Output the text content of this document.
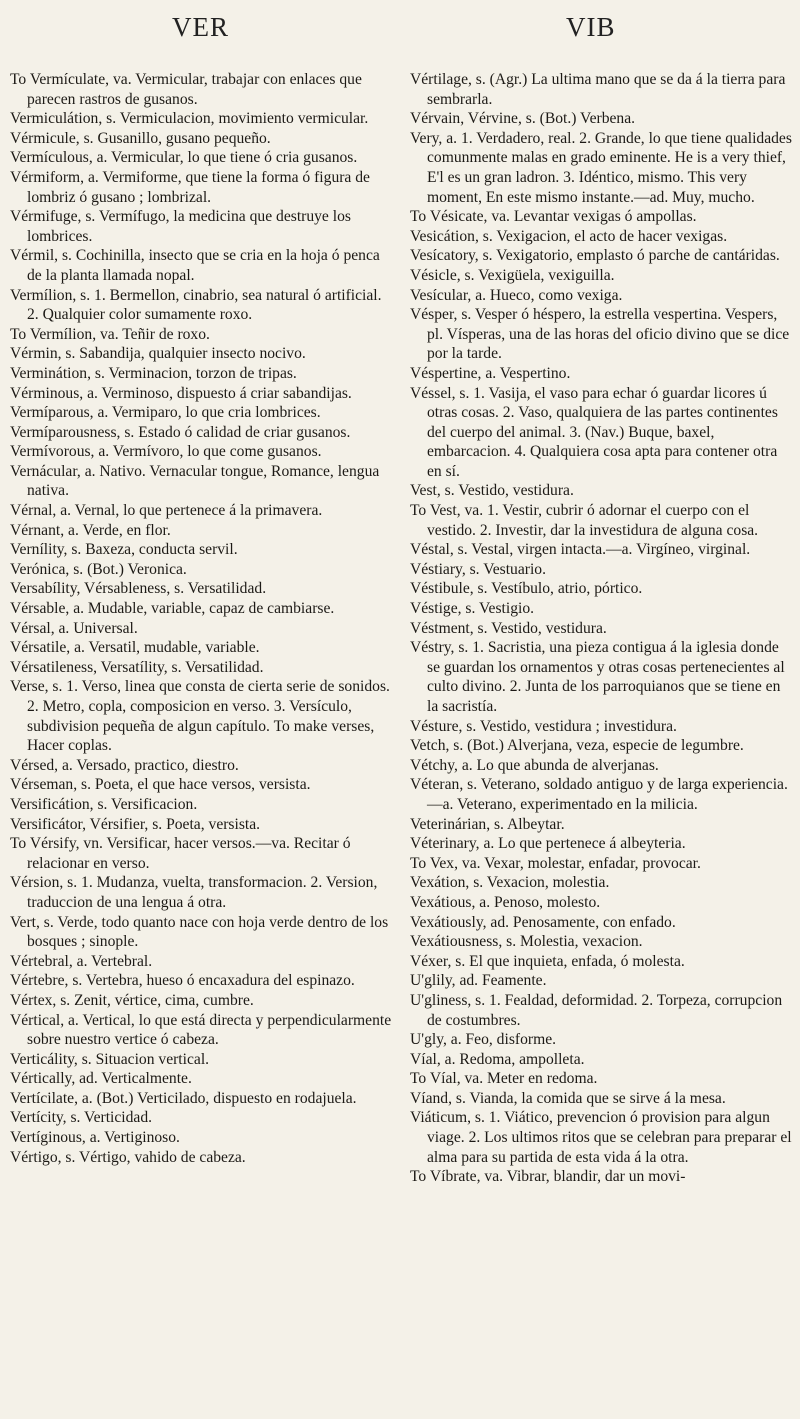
VER	VIB

To Vermículate, va. Vermicular, trabajar con enlaces que parecen rastros de gusanos.

Vermiculátion, s. Vermiculacion, movimiento vermicular.

Vérmicule, s. Gusanillo, gusano pequeño.

Vermículous, a. Vermicular, lo que tiene ó cria gusanos.

Vérmiform, a. Vermiforme, que tiene la forma ó figura de lombriz ó gusano ; lombrizal.

Vérmifuge, s. Vermífugo, la medicina que destruye los lombrices.

Vérmil, s. Cochinilla, insecto que se cria en la hoja ó penca de la planta llamada nopal.

Vermílion, s. 1. Bermellon, cinabrio, sea natural ó artificial. 2. Qualquier color sumamente roxo.

To Vermílion, va. Teñir de roxo.

Vérmin, s. Sabandija, qualquier insecto nocivo.

Verminátion, s. Verminacion, torzon de tripas.

Vérminous, a. Verminoso, dispuesto á criar sabandijas.

Vermíparous, a. Vermiparo, lo que cria lombrices.

Vermíparousness, s. Estado ó calidad de criar gusanos.

Vermívorous, a. Vermívoro, lo que come gusanos.

Vernácular, a. Nativo. Vernacular tongue, Romance, lengua nativa.

Vérnal, a. Vernal, lo que pertenece á la primavera.

Vérnant, a. Verde, en flor.

Vernílity, s. Baxeza, conducta servil.

Verónica, s. (Bot.) Veronica.

Versabílity, Vérsableness, s. Versatilidad.

Vérsable, a. Mudable, variable, capaz de cambiarse.

Vérsal, a. Universal.

Vérsatile, a. Versatil, mudable, variable.

Vérsatileness, Versatílity, s. Versatilidad.

Verse, s. 1. Verso, linea que consta de cierta serie de sonidos. 2. Metro, copla, composicion en verso. 3. Versículo, subdivision pequeña de algun capítulo. To make verses, Hacer coplas.

Vérsed, a. Versado, practico, diestro.

Vérseman, s. Poeta, el que hace versos, versista.

Versificátion, s. Versificacion.

Versificátor, Vérsifier, s. Poeta, versista.

To Vérsify, vn. Versificar, hacer versos.—va. Recitar ó relacionar en verso.

Vérsion, s. 1. Mudanza, vuelta, transformacion. 2. Version, traduccion de una lengua á otra.

Vert, s. Verde, todo quanto nace con hoja verde dentro de los bosques ; sinople.

Vértebral, a. Vertebral.

Vértebre, s. Vertebra, hueso ó encaxadura del espinazo.

Vértex, s. Zenit, vértice, cima, cumbre.

Vértical, a. Vertical, lo que está directa y perpendicularmente sobre nuestro vertice ó cabeza.

Verticálity, s. Situacion vertical.

Vértically, ad. Verticalmente.

Vertícilate, a. (Bot.) Verticilado, dispuesto en rodajuela.

Vertícity, s. Verticidad.

Vertíginous, a. Vertiginoso.

Vértigo, s. Vértigo, vahido de cabeza.

Vértilage, s. (Agr.) La ultima mano que se da á la tierra para sembrarla.

Vérvain, Vérvine, s. (Bot.) Verbena.

Very, a. 1. Verdadero, real. 2. Grande, lo que tiene qualidades comunmente malas en grado eminente. He is a very thief, E'l es un gran ladron. 3. Idéntico, mismo. This very moment, En este mismo instante.—ad. Muy, mucho.

To Vésicate, va. Levantar vexigas ó ampollas.

Vesicátion, s. Vexigacion, el acto de hacer vexigas.

Vesícatory, s. Vexigatorio, emplasto ó parche de cantáridas.

Vésicle, s. Vexigüela, vexiguilla.

Vesícular, a. Hueco, como vexiga.

Vésper, s. Vesper ó héspero, la estrella vespertina. Vespers, pl. Vísperas, una de las horas del oficio divino que se dice por la tarde.

Véspertine, a. Vespertino.

Véssel, s. 1. Vasija, el vaso para echar ó guardar licores ú otras cosas. 2. Vaso, qualquiera de las partes continentes del cuerpo del animal. 3. (Nav.) Buque, baxel, embarcacion. 4. Qualquiera cosa apta para contener otra en sí.

Vest, s. Vestido, vestidura.

To Vest, va. 1. Vestir, cubrir ó adornar el cuerpo con el vestido. 2. Investir, dar la investidura de alguna cosa.

Véstal, s. Vestal, virgen intacta.—a. Virgíneo, virginal.

Véstiary, s. Vestuario.

Véstibule, s. Vestíbulo, atrio, pórtico.

Véstige, s. Vestigio.

Véstment, s. Vestido, vestidura.

Véstry, s. 1. Sacristia, una pieza contigua á la iglesia donde se guardan los ornamentos y otras cosas pertenecientes al culto divino. 2. Junta de los parroquianos que se tiene en la sacristía.

Vésture, s. Vestido, vestidura ; investidura.

Vetch, s. (Bot.) Alverjana, veza, especie de legumbre.

Vétchy, a. Lo que abunda de alverjanas.

Véteran, s. Veterano, soldado antiguo y de larga experiencia.—a. Veterano, experimentado en la milicia.

Veterinárian, s. Albeytar.

Véterinary, a. Lo que pertenece á albeyteria.

To Vex, va. Vexar, molestar, enfadar, provocar.

Vexátion, s. Vexacion, molestia.

Vexátious, a. Penoso, molesto.

Vexátiously, ad. Penosamente, con enfado.

Vexátiousness, s. Molestia, vexacion.

Véxer, s. El que inquieta, enfada, ó molesta.

U'glily, ad. Feamente.

U'gliness, s. 1. Fealdad, deformidad. 2. Torpeza, corrupcion de costumbres.

U'gly, a. Feo, disforme.

Víal, a. Redoma, ampolleta.

To Víal, va. Meter en redoma.

Víand, s. Vianda, la comida que se sirve á la mesa.

Viáticum, s. 1. Viático, prevencion ó provision para algun viage. 2. Los ultimos ritos que se celebran para preparar el alma para su partida de esta vida á la otra.

To Víbrate, va. Vibrar, blandir, dar un movi-
